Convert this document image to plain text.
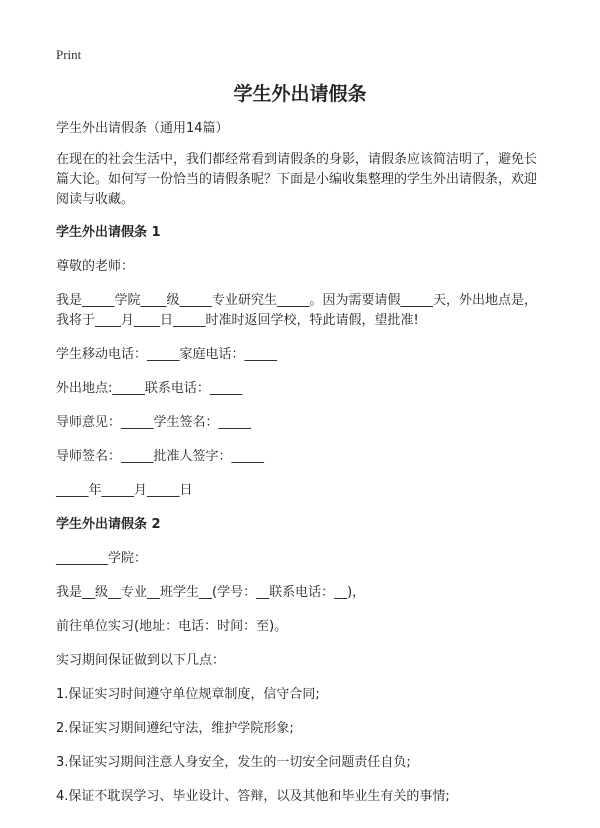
Print
学生外出请假条

学生外出请假条（通用14篇）

在现在的社会生活中，我们都经常看到请假条的身影，请假条应该简洁明了，避免长篇大论。如何写一份恰当的请假条呢？下面是小编收集整理的学生外出请假条，欢迎阅读与收藏。

学生外出请假条 1

尊敬的老师：

我是_____学院____级_____专业研究生_____。因为需要请假_____天，外出地点是，我将于____月____日_____时准时返回学校，特此请假，望批准!

学生移动电话：_____家庭电话：_____

外出地点:_____联系电话：_____

导师意见：_____学生签名：_____

导师签名：_____批准人签字：_____

_____年_____月_____日

学生外出请假条 2

________学院：

我是__级__专业__班学生__(学号：__联系电话：__)，

前往单位实习(地址：电话：时间：至)。

实习期间保证做到以下几点：

1.保证实习时间遵守单位规章制度，信守合同;

2.保证实习期间遵纪守法，维护学院形象;

3.保证实习期间注意人身安全，发生的一切安全问题责任自负;

4.保证不耽误学习、毕业设计、答辩，以及其他和毕业生有关的事情;
